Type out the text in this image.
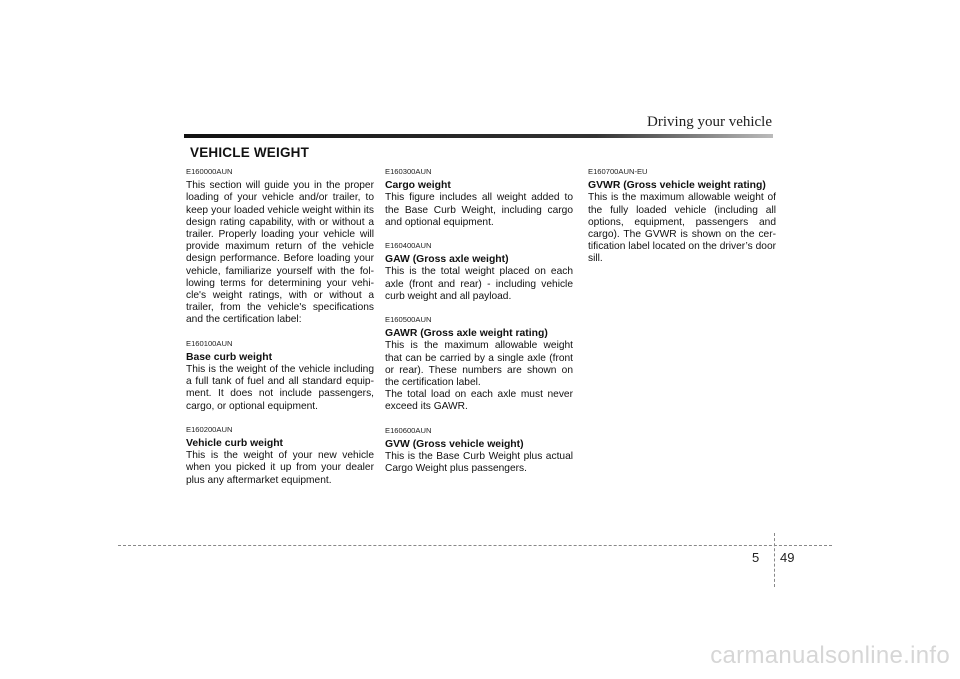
Driving your vehicle
VEHICLE WEIGHT
E160000AUN

This section will guide you in the proper loading of your vehicle and/or trailer, to keep your loaded vehicle weight within its design rating capability, with or without a trailer. Properly loading your vehicle will provide maximum return of the vehicle design performance. Before loading your vehicle, familiarize yourself with the fol-lowing terms for determining your vehi-cle's weight ratings, with or without a trailer, from the vehicle's specifications and the certification label:

E160100AUN
Base curb weight

This is the weight of the vehicle including a full tank of fuel and all standard equip-ment. It does not include passengers, cargo, or optional equipment.

E160200AUN
Vehicle curb weight

This is the weight of your new vehicle when you picked it up from your dealer plus any aftermarket equipment.

E160300AUN
Cargo weight

This figure includes all weight added to the Base Curb Weight, including cargo and optional equipment.

E160400AUN
GAW (Gross axle weight)

This is the total weight placed on each axle (front and rear) - including vehicle curb weight and all payload.

E160500AUN
GAWR (Gross axle weight rating)

This is the maximum allowable weight that can be carried by a single axle (front or rear). These numbers are shown on the certification label.

The total load on each axle must never exceed its GAWR.

E160600AUN
GVW (Gross vehicle weight)

This is the Base Curb Weight plus actual Cargo Weight plus passengers.

E160700AUN-EU
GVWR (Gross vehicle weight rating)

This is the maximum allowable weight of the fully loaded vehicle (including all options, equipment, passengers and cargo). The GVWR is shown on the cer-tification label located on the driver’s door sill.

5 49
carmanualsonline.info
